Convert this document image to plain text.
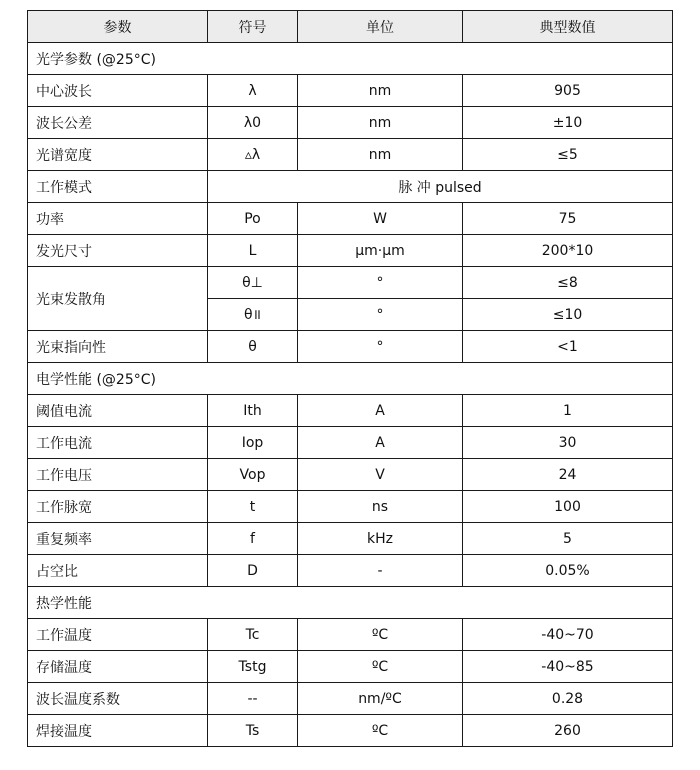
参数	符号	单位	典型数值
光学参数 (@25°C)			
中心波长	λ	nm	905
波长公差	λ0	nm	±10
光谱宽度	▵λ	nm	≤5
工作模式	脉 冲 pulsed		
功率	Po	W	75
发光尺寸	L	μm·μm	200*10
光束发散角	θ⊥	°	≤8
	θ॥	°	≤10
光束指向性	θ	°	<1
电学性能 (@25°C)			
阈值电流	Ith	A	1
工作电流	Iop	A	30
工作电压	Vop	V	24
工作脉宽	t	ns	100
重复频率	f	kHz	5
占空比	D	-	0.05%
热学性能			
工作温度	Tc	ºC	-40~70
存储温度	Tstg	ºC	-40~85
波长温度系数	--	nm/ºC	0.28
焊接温度	Ts	ºC	260
